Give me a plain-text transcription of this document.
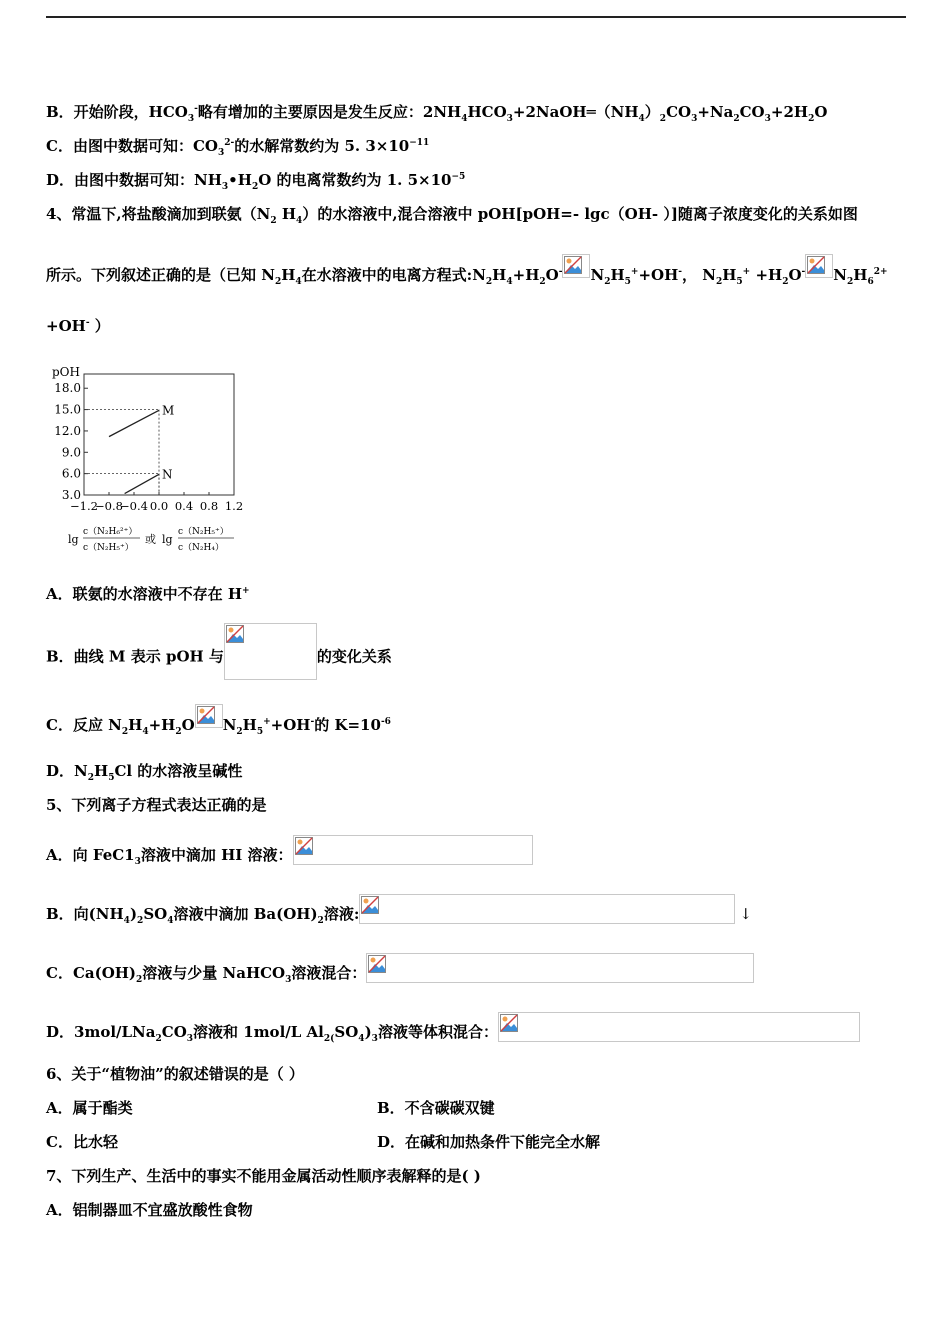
B．开始阶段，$HCO_3^-$略有增加的主要原因是发生反应：$2NH_4HCO_3+2NaOH═(NH_4)_2CO_3+Na_2CO_3+2H_2O$
C．由图中数据可知：$CO_3^{2-}$的水解常数约为 5. $3\times 10^{-11}$
D．由图中数据可知：$NH_3•H_2O$ 的电离常数约为 1. $5\times 10^{-5}$
4、常温下,将盐酸滴加到联氨（$N_2$ $H_4$）的水溶液中,混合溶液中 pOH[pOH=- lgc（OH- ）]随离子浓度变化的关系如图
所示。下列叙述正确的是（已知 $N_2H_4$在水溶液中的电离方程式$:N_2H_4+H_2O^-$ $N_2H_5^++OH^-$， $N_2H_5^+ +H_2O^-$ $N_2H_6^{2+}$
+OH- ）
pOH
18.0
15.0
12.0
9.0
6.0
3.0
−1.2
−0.8
−0.4 0.0 0.4 0.8 1.2
M
N
lg
c（N₂H₆²⁺）
c（N₂H₅⁺）
或 lg
c（N₂H₅⁺）
c（N₂H₄）
A．联氨的水溶液中不存在 H+
B．曲线 M 表示 pOH 与	的变化关系
C．反应 $N_2H_4+H_2O$ $N_2H_5^++OH^-$的 $K=10^{-6}$
D．$N_2H_5Cl$ 的水溶液呈碱性
5、下列离子方程式表达正确的是
A．向 $FeC1_3$溶液中滴加 HI 溶液：
B．向$(NH_4)_2SO_4$溶液中滴加 $Ba(OH)_2$溶液:	↓
C．$Ca(OH)_2$溶液与少量 NaHCO$_3$溶液混合：
D．$3mol/LNa_2CO_3$溶液和 1mol/L $Al_{2(}SO_4)_3$溶液等体积混合：
6、关于“植物油”的叙述错误的是（ ）
A．属于酯类	B．不含碳碳双键
C．比水轻	D．在碱和加热条件下能完全水解
7、下列生产、生活中的事实不能用金属活动性顺序表解释的是( )
A．铝制器皿不宜盛放酸性食物
